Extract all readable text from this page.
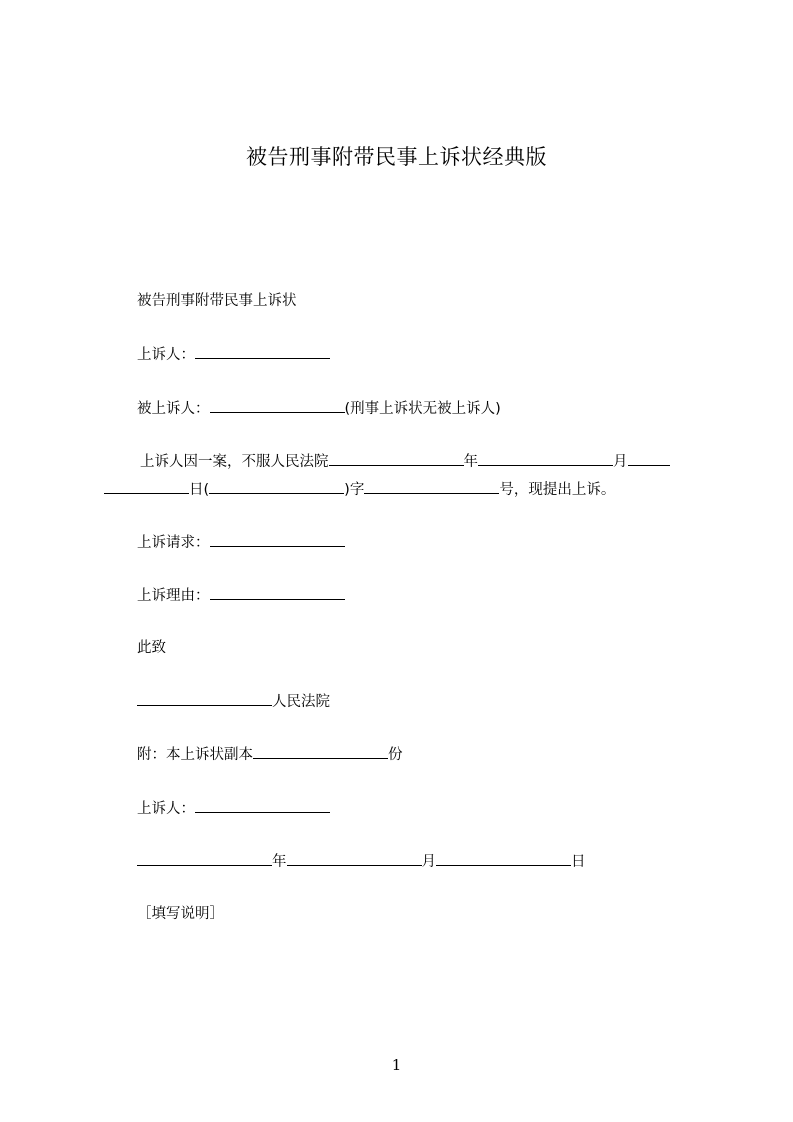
被告刑事附带民事上诉状经典版
被告刑事附带民事上诉状
上诉人：
被上诉人：	(刑事上诉状无被上诉人)
上诉人因一案，不服人民法院	年	月
日(	)字	号，现提出上诉。
上诉请求：
上诉理由：
此致
人民法院
附：本上诉状副本	份
上诉人：
年	月	日
［填写说明］
1
